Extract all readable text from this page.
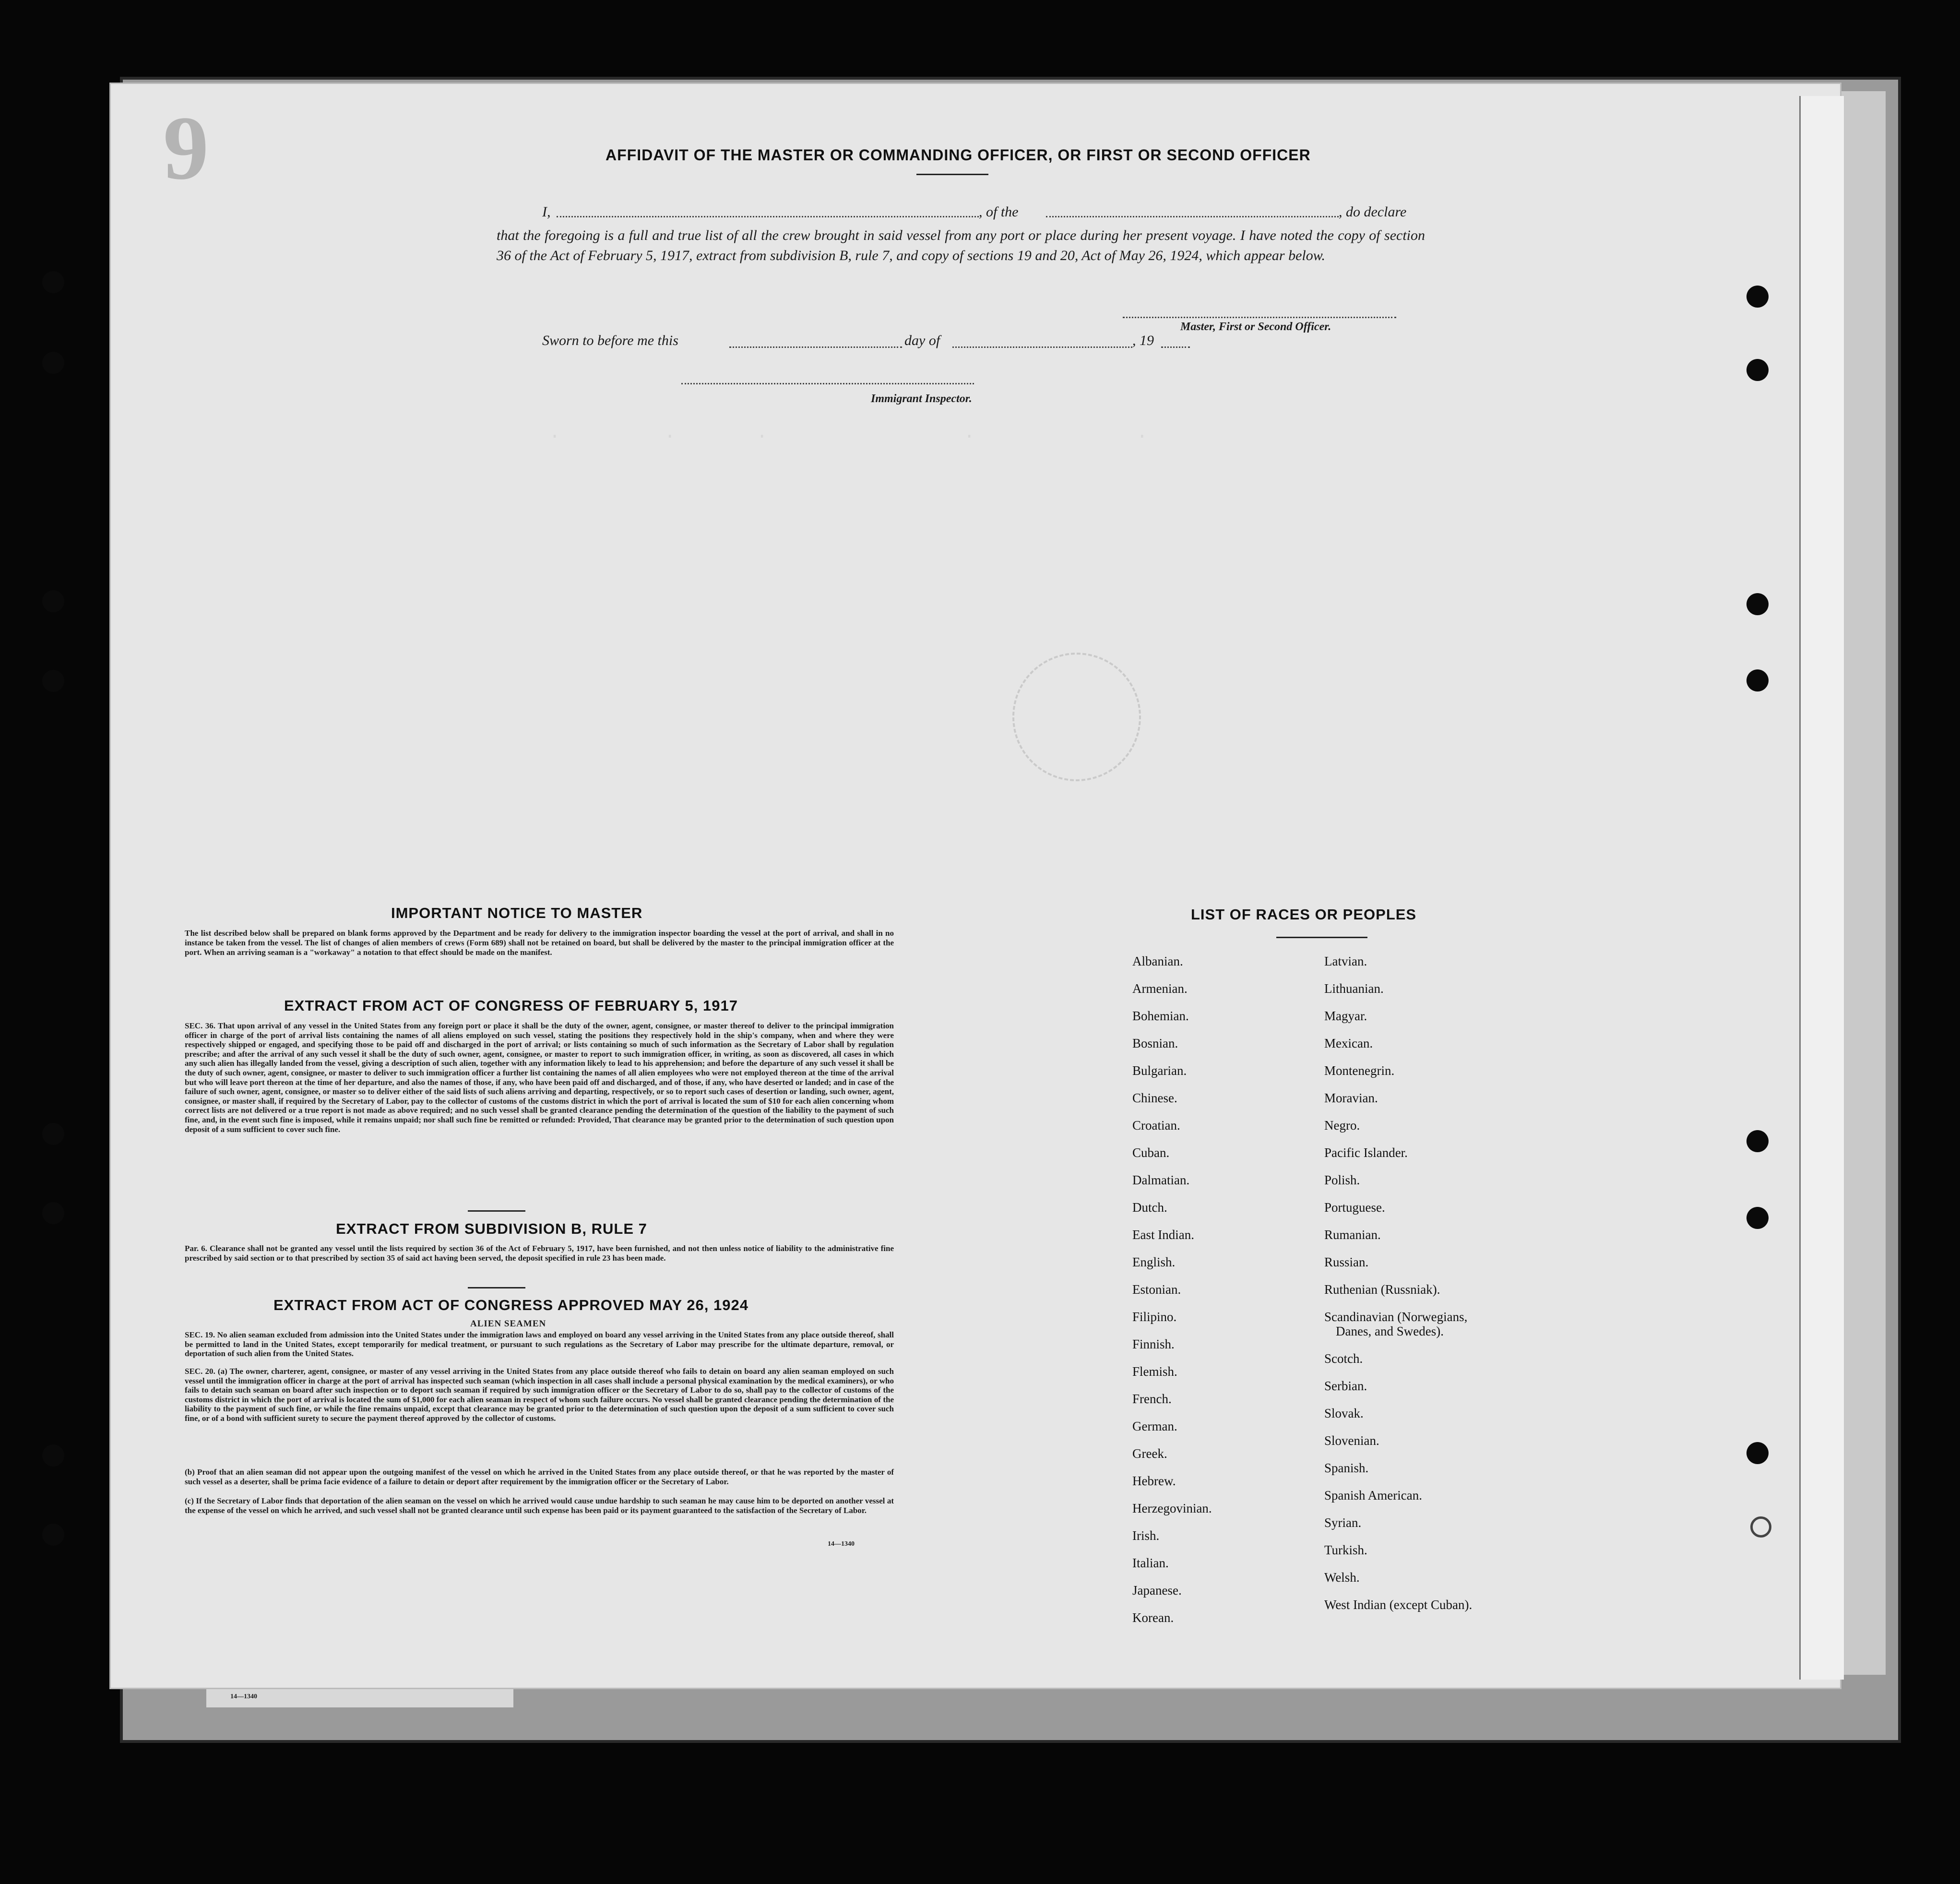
.         .       .                 .              .
9	AFFIDAVIT OF THE MASTER OR COMMANDING OFFICER, OR FIRST OR SECOND OFFICER
I,	, of the	, do declare
that the foregoing is a full and true list of all the crew brought in said vessel from any port or place during her present voyage. I have noted the copy of section 36 of the Act of February 5, 1917, extract from subdivision B, rule 7, and copy of sections 19 and 20, Act of May 26, 1924, which appear below.
Master, First or Second Officer.
Sworn to before me this	day of	, 19
Immigrant Inspector.
IMPORTANT NOTICE TO MASTER
The list described below shall be prepared on blank forms approved by the Department and be ready for delivery to the immigration inspector boarding the vessel at the port of arrival, and shall in no instance be taken from the vessel. The list of changes of alien members of crews (Form 689) shall not be retained on board, but shall be delivered by the master to the principal immigration officer at the port. When an arriving seaman is a "workaway" a notation to that effect should be made on the manifest.
EXTRACT FROM ACT OF CONGRESS OF FEBRUARY 5, 1917
SEC. 36. That upon arrival of any vessel in the United States from any foreign port or place it shall be the duty of the owner, agent, consignee, or master thereof to deliver to the principal immigration officer in charge of the port of arrival lists containing the names of all aliens employed on such vessel, stating the positions they respectively hold in the ship's company, when and where they were respectively shipped or engaged, and specifying those to be paid off and discharged in the port of arrival; or lists containing so much of such information as the Secretary of Labor shall by regulation prescribe; and after the arrival of any such vessel it shall be the duty of such owner, agent, consignee, or master to report to such immigration officer, in writing, as soon as discovered, all cases in which any such alien has illegally landed from the vessel, giving a description of such alien, together with any information likely to lead to his apprehension; and before the departure of any such vessel it shall be the duty of such owner, agent, consignee, or master to deliver to such immigration officer a further list containing the names of all alien employees who were not employed thereon at the time of the arrival but who will leave port thereon at the time of her departure, and also the names of those, if any, who have been paid off and discharged, and of those, if any, who have deserted or landed; and in case of the failure of such owner, agent, consignee, or master so to deliver either of the said lists of such aliens arriving and departing, respectively, or so to report such cases of desertion or landing, such owner, agent, consignee, or master shall, if required by the Secretary of Labor, pay to the collector of customs of the customs district in which the port of arrival is located the sum of $10 for each alien concerning whom correct lists are not delivered or a true report is not made as above required; and no such vessel shall be granted clearance pending the determination of the question of the liability to the payment of such fine, and, in the event such fine is imposed, while it remains unpaid; nor shall such fine be remitted or refunded: Provided, That clearance may be granted prior to the determination of such question upon deposit of a sum sufficient to cover such fine.
EXTRACT FROM SUBDIVISION B, RULE 7
Par. 6. Clearance shall not be granted any vessel until the lists required by section 36 of the Act of February 5, 1917, have been furnished, and not then unless notice of liability to the administrative fine prescribed by said section or to that prescribed by section 35 of said act having been served, the deposit specified in rule 23 has been made.
EXTRACT FROM ACT OF CONGRESS APPROVED MAY 26, 1924
ALIEN SEAMEN
SEC. 19. No alien seaman excluded from admission into the United States under the immigration laws and employed on board any vessel arriving in the United States from any place outside thereof, shall be permitted to land in the United States, except temporarily for medical treatment, or pursuant to such regulations as the Secretary of Labor may prescribe for the ultimate departure, removal, or deportation of such alien from the United States.
SEC. 20. (a) The owner, charterer, agent, consignee, or master of any vessel arriving in the United States from any place outside thereof who fails to detain on board any alien seaman employed on such vessel until the immigration officer in charge at the port of arrival has inspected such seaman (which inspection in all cases shall include a personal physical examination by the medical examiners), or who fails to detain such seaman on board after such inspection or to deport such seaman if required by such immigration officer or the Secretary of Labor to do so, shall pay to the collector of customs of the customs district in which the port of arrival is located the sum of $1,000 for each alien seaman in respect of whom such failure occurs. No vessel shall be granted clearance pending the determination of the liability to the payment of such fine, or while the fine remains unpaid, except that clearance may be granted prior to the determination of such question upon the deposit of a sum sufficient to cover such fine, or of a bond with sufficient surety to secure the payment thereof approved by the collector of customs.
(b) Proof that an alien seaman did not appear upon the outgoing manifest of the vessel on which he arrived in the United States from any place outside thereof, or that he was reported by the master of such vessel as a deserter, shall be prima facie evidence of a failure to detain or deport after requirement by the immigration officer or the Secretary of Labor.
(c) If the Secretary of Labor finds that deportation of the alien seaman on the vessel on which he arrived would cause undue hardship to such seaman he may cause him to be deported on another vessel at the expense of the vessel on which he arrived, and such vessel shall not be granted clearance until such expense has been paid or its payment guaranteed to the satisfaction of the Secretary of Labor.
14—1340
LIST OF RACES OR PEOPLES
Albanian.
Armenian.
Bohemian.
Bosnian.
Bulgarian.
Chinese.
Croatian.
Cuban.
Dalmatian.
Dutch.
East Indian.
English.
Estonian.
Filipino.
Finnish.
Flemish.
French.
German.
Greek.
Hebrew.
Herzegovinian.
Irish.
Italian.
Japanese.
Korean.
Latvian.
Lithuanian.
Magyar.
Mexican.
Montenegrin.
Moravian.
Negro.
Pacific Islander.
Polish.
Portuguese.
Rumanian.
Russian.
Ruthenian (Russniak).
Scandinavian (Norwegians,
Danes, and Swedes).
Scotch.
Serbian.
Slovak.
Slovenian.
Spanish.
Spanish American.
Syrian.
Turkish.
Welsh.
West Indian (except Cuban).
14—1340
